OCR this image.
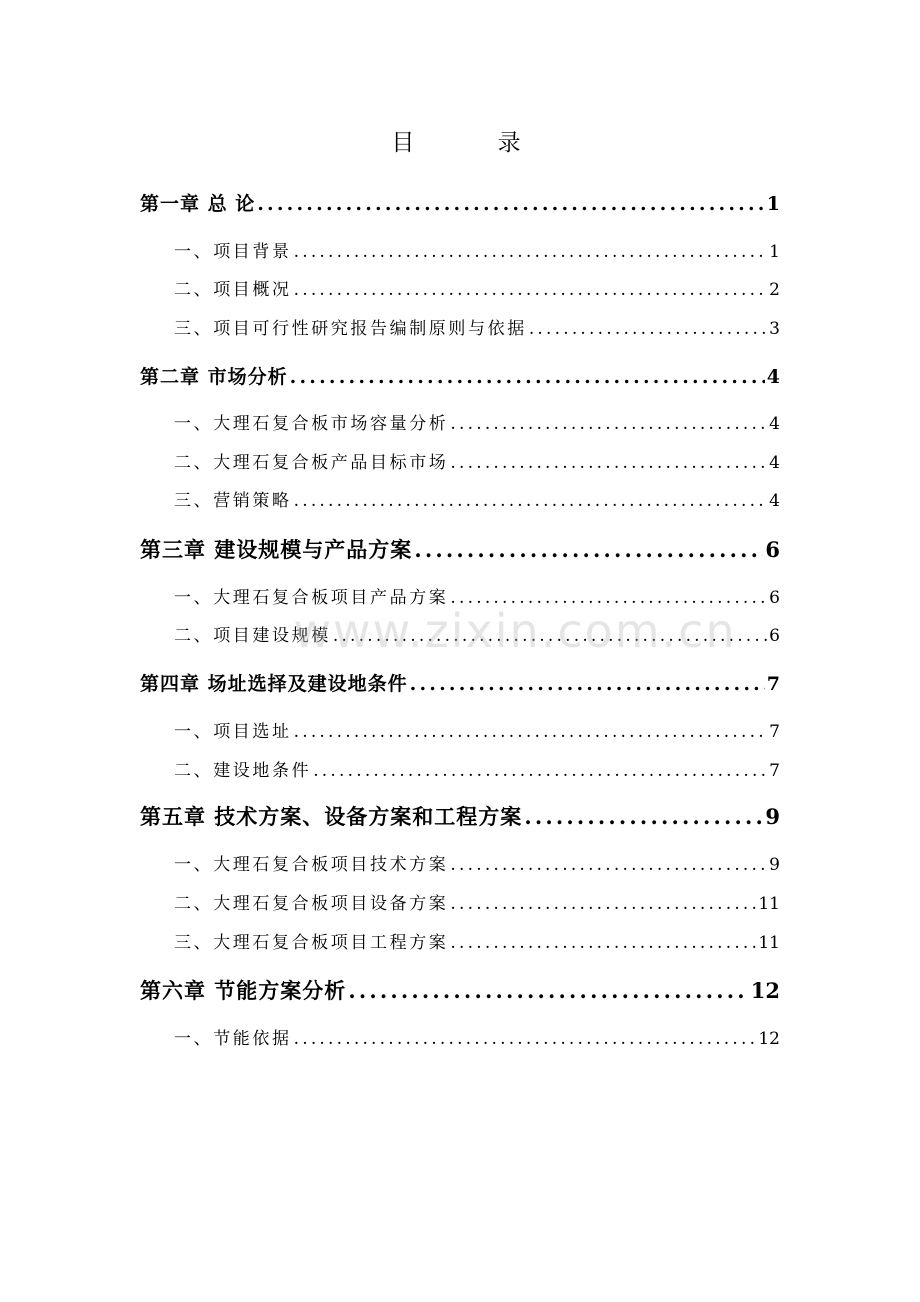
目 录
第一章 总 论 .....	1
一、项目背景 .....	1
二、项目概况 .....	2
三、项目可行性研究报告编制原则与依据 .....	3
第二章 市场分析 .....	4
一、大理石复合板市场容量分析 .....	4
二、大理石复合板产品目标市场 .....	4
三、营销策略 .....	4
第三章 建设规模与产品方案 .....	6
一、大理石复合板项目产品方案 .....	6
二、项目建设规模 .....	6
第四章 场址选择及建设地条件 .....	7
一、项目选址 .....	7
二、建设地条件 .....	7
第五章 技术方案、设备方案和工程方案 .....	9
一、大理石复合板项目技术方案 .....	9
二、大理石复合板项目设备方案 .....	11
三、大理石复合板项目工程方案 .....	11
第六章 节能方案分析 .....	12
一、节能依据 .....	12
www.zixin.com.cn
